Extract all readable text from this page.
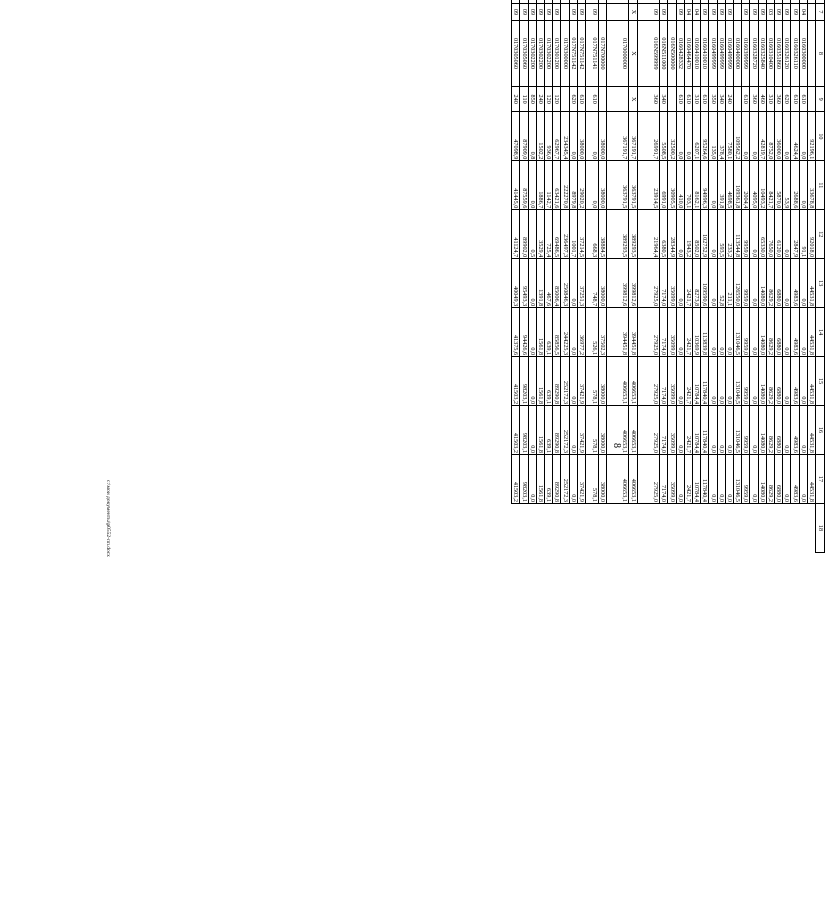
8
						7	8	9	10	11	12	13	14	15	16	17	18
									92196,1	33678,8	92018,0	44531,8	44531,8	44531,8	44531,8	44531,8	
			04	0160300000	610	0,0	0,0	91,1	0,0	0,0	0,0	0,0	0,0	
			09	0160326110	610	4624,4	2688,6	2847,9	4983,6	4983,6	4983,6	4983,6	4983,6	
		09	0160326120	620	0,0	53,9	0,0	0,0	0,0	0,0	0,0	0,0	
		09	0160351860	360	36000,0	5870,0	6120,0	6880,0	6880,0	6880,0	6880,0	6880,0	
		03	0160310400	310	8752,0	8421,7	7650,0	8629,2	8629,2	8629,2	8629,2	8629,2	
		09	0160325840	460	42819,7	10493,2	65330,0	14080,0	14080,0	14080,0	14080,0	14080,0	
		09	0160328720	360	0,0	4095,0	0,0	0,0	0,0	0,0	0,0	0,0	
		09	0160399999	610	0,0	2004,4	9959,0	9959,0	9959,0	9959,0	9959,0	9959,0	
							0160400000		109562,2	109361,8	113544,8	126550,0	131046,5	131046,5	131046,5	131046,5	
			09	0160499999	240	7580,1	4698,5	233,2	211,1	0,0	0,0	0,0	0,0	
			09	0160499999	340	378,4	391,8	593,5	52,8	0,0	0,0	0,0	0,0	
		09	0160499999	350	135,0	0,0	0,0	0,0	0,0	0,0	0,0	0,0	
		09	0160410010	610	95264,6	94996,3	102752,9	109590,6	113839,8	117840,4	117840,4	117840,4	
		04	0160410010	310	6207,1	8162,1	8502,0	8273,8	10369,9	10784,4	10784,4	10784,4	
		04	0160464470	610	0,0	703,1	1943,2	2421,7	2421,7	2421,7	2421,7	2421,7	
		09	0160428332	610	0,0	410,0	0,0	0,0	0,0	0,0	0,0	0,0	
							016N500000		32500,2	30905,5	28344,9	35099,0	35099,0	35099,0	35099,0	35099,0	
			09	016N511000	340	5508,5	6991,0	6380,5	7174,0	7174,0	7174,0	7174,0	7174,0	
			09	016N599999	360	26991,7	23914,5	21964,4	27925,0	27925,0	27925,0	27925,0	27925,0	
						X	X	X	367191,7	363791,5	389293,5	399812,6	394451,8	406653,1	406653,1	406653,1	
				0170000000		367191,7	363791,5	389293,5	399812,6	394451,8	406653,1	406653,1	406653,1	
							017N700000		38000,0	38000,0	38884,5	38000,0	37502,3	38000,0	38000,0	38000,0	
			09	017N751141	610	0,0	0,0	668,3	748,7	526,1	578,1	578,1	578,1	
		09	017N751142	610	38000,0	29020,2	37214,5	37251,3	36977,2	37421,9	37421,9	37421,9	
		09	017N751142	620	0,0	8979,8	1001,7	0,0	0,0	0,0	0,0	0,0	
							0170300000		234345,4	222270,8	236497,3	250846,3	244225,3	252172,3	252172,3	252172,3	
			09	0170301200	120	62967,7	63421,6	69486,5	85006,4	85856,5	89290,8	89290,8	89290,8	
			09	0170302200	120	936,0	1142,7	725,4	467,6	639,1	639,1	639,1	639,1	
		09	0170302200	240	1502,2	1886,7	3529,4	1391,8	1561,8	1561,8	1561,8	1561,8	
		09	0170302200	850	0,8	0,0	0,5	0,0	0,0	0,0	0,0	0,0	
		09	0170305060	110	87909,0	87559,6	89902,0	95493,3	94426,6	98203,1	98203,1	98203,1	
		09	0170305060	240	47098,9	41445,0	41124,7	40049,3	41375,6	41503,2	41503,2	41503,2	
с:\мои документы\р0552-пп.docx
